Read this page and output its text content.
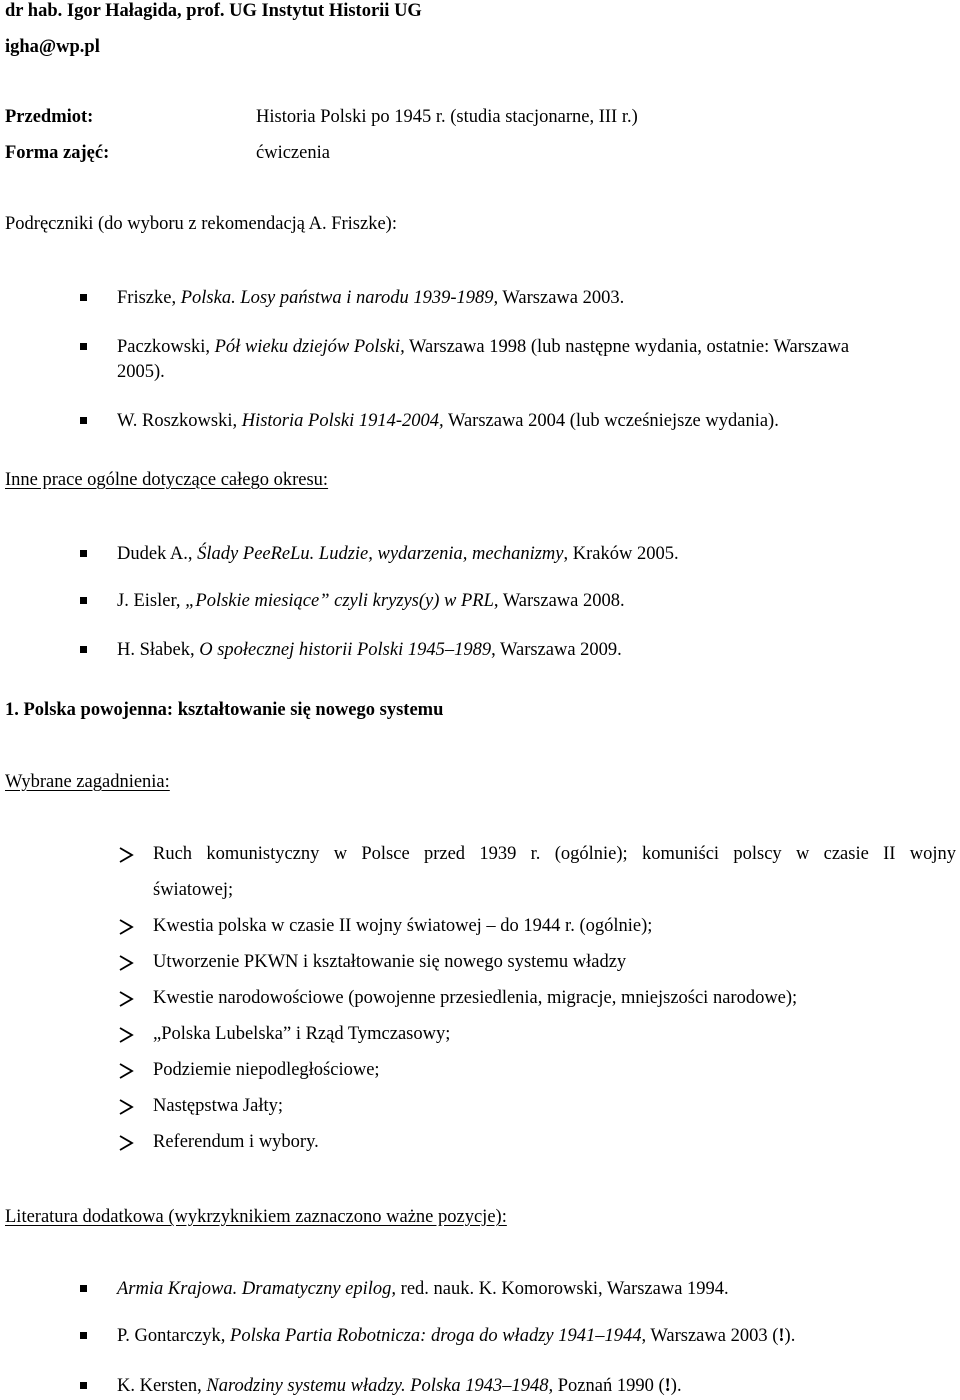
dr hab. Igor Hałagida, prof. UG Instytut Historii UG
igha@wp.pl
Przedmiot:	Historia Polski po 1945 r. (studia stacjonarne, III r.)
Forma zajęć:	ćwiczenia
Podręczniki (do wyboru z rekomendacją A. Friszke):
Friszke, Polska. Losy państwa i narodu 1939-1989, Warszawa 2003.
Paczkowski, Pół wieku dziejów Polski, Warszawa 1998 (lub następne wydania, ostatnie: Warszawa
2005).
W. Roszkowski, Historia Polski 1914-2004, Warszawa 2004 (lub wcześniejsze wydania).
Inne prace ogólne dotyczące całego okresu:
Dudek A., Ślady PeeReLu. Ludzie, wydarzenia, mechanizmy, Kraków 2005.
J. Eisler, „Polskie miesiące” czyli kryzys(y) w PRL, Warszawa 2008.
H. Słabek, O społecznej historii Polski 1945–1989, Warszawa 2009.
1. Polska powojenna: kształtowanie się nowego systemu
Wybrane zagadnienia:
Ruch komunistyczny w Polsce przed 1939 r. (ogólnie); komuniści polscy w czasie II wojny
światowej;
Kwestia polska w czasie II wojny światowej – do 1944 r. (ogólnie);
Utworzenie PKWN i kształtowanie się nowego systemu władzy
Kwestie narodowościowe (powojenne przesiedlenia, migracje, mniejszości narodowe);
„Polska Lubelska” i Rząd Tymczasowy;
Podziemie niepodległościowe;
Następstwa Jałty;
Referendum i wybory.
Literatura dodatkowa (wykrzyknikiem zaznaczono ważne pozycje):
Armia Krajowa. Dramatyczny epilog, red. nauk. K. Komorowski, Warszawa 1994.
P. Gontarczyk, Polska Partia Robotnicza: droga do władzy 1941–1944, Warszawa 2003 (!).
K. Kersten, Narodziny systemu władzy. Polska 1943–1948, Poznań 1990 (!).
